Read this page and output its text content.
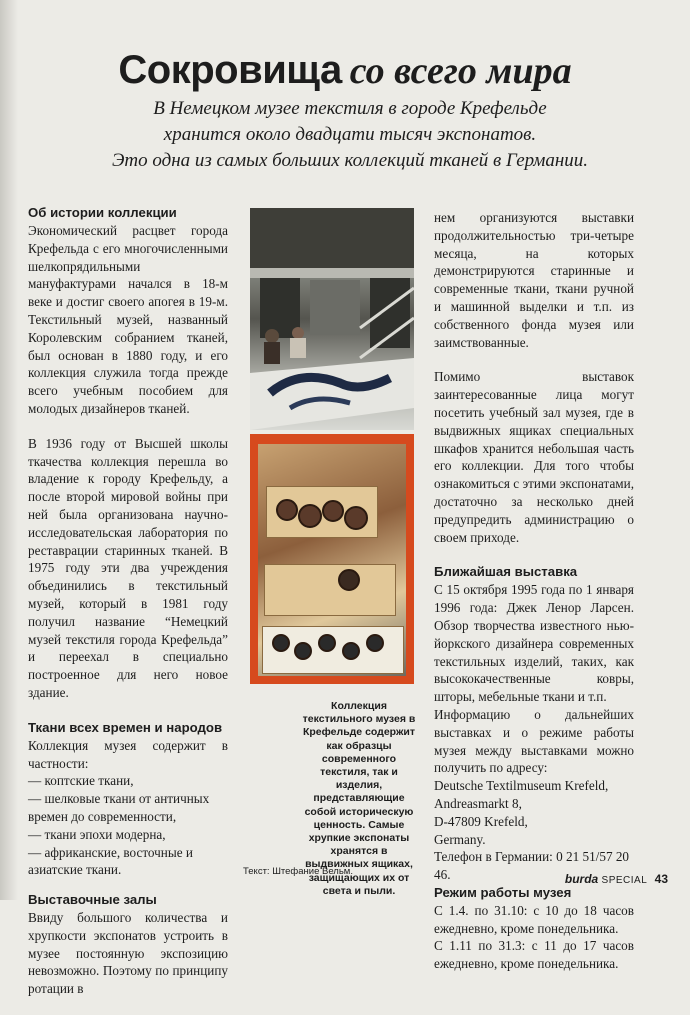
Сокровища со всего мира

В Немецком музее текстиля в городе Крефельде
хранится около двадцати тысяч экспонатов.
Это одна из самых больших коллекций тканей в Германии.

Об истории коллекции

Экономический расцвет города Крефельда с его многочисленными шелкопрядильными мануфактурами начался в 18-м веке и достиг своего апогея в 19-м. Текстильный музей, названный Королевским собранием тканей, был основан в 1880 году, и его коллекция служила тогда прежде всего учебным пособием для молодых дизайнеров тканей.

В 1936 году от Высшей школы ткачества коллекция перешла во владение к городу Крефельду, а после второй мировой войны при ней была организована научно-исследовательская лаборатория по реставрации старинных тканей. В 1975 году эти два учреждения объединились в текстильный музей, который в 1981 году получил название “Немецкий музей текстиля города Крефельда” и переехал в специально построенное для него новое здание.

Ткани всех времен и народов

Коллекция музея содержит в частности:

— коптские ткани,
— шелковые ткани от античных времен до современности,
— ткани эпохи модерна,
— африканские, восточные и азиатские ткани.
Выставочные залы

Ввиду большого количества и хрупкости экспонатов устроить в музее постоянную экспозицию невозможно. Поэтому по принципу ротации в

Коллекция текстильного музея в Крефельде содержит как образцы современного текстиля, так и изделия, представляющие собой историческую ценность. Самые хрупкие экспонаты хранятся в выдвижных ящиках, защищающих их от света и пыли.

нем организуются выставки продолжительностью три-четыре месяца, на которых демонстрируются старинные и современные ткани, ткани ручной и машинной выделки и т.п. из собственного фонда музея или заимствованные.

Помимо выставок заинтересованные лица могут посетить учебный зал музея, где в выдвижных ящиках специальных шкафов хранится небольшая часть его коллекции. Для того чтобы ознакомиться с этими экспонатами, достаточно за несколько дней предупредить администрацию о своем приходе.

Ближайшая выставка

С 15 октября 1995 года по 1 января 1996 года: Джек Ленор Ларсен. Обзор творчества известного нью-йоркского дизайнера современных текстильных изделий, таких, как высококачественные ковры, шторы, мебельные ткани и т.п.

Информацию о дальнейших выставках и о режиме работы музея между выставками можно получить по адресу:

Deutsche Textilmuseum Krefeld,
Andreasmarkt 8,
D-47809 Krefeld,
Germany.
Телефон в Германии: 0 21 51/57 20 46.
Режим работы музея
С 1.4. по 31.10: с 10 до 18 часов ежедневно, кроме понедельника.
С 1.11 по 31.3: с 11 до 17 часов ежедневно, кроме понедельника.
Текст: Штефание Вельм.
burda SPECIAL 43
